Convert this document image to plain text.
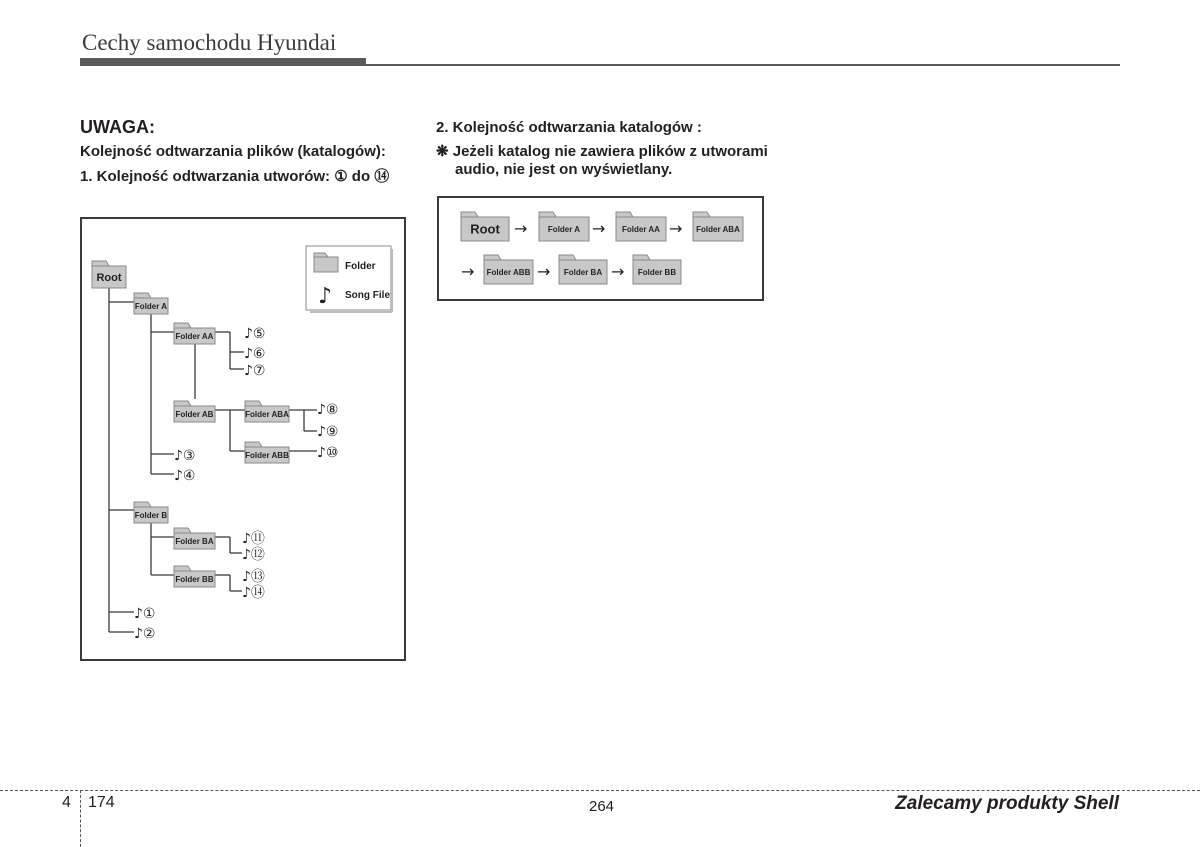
Cechy samochodu Hyundai
UWAGA:
Kolejność odtwarzania plików (katalogów):
1. Kolejność odtwarzania utworów: ① do ⑭
2. Kolejność odtwarzania katalogów :
❋ Jeżeli katalog nie zawiera plików z utworami
audio, nie jest on wyświetlany.
Folder
♪ Song File
Root
Folder A
Folder AA
Folder AB	Folder ABA
Folder ABB
Folder B
Folder BA
Folder BB
♪⑤
♪⑥
♪⑦
♪⑧
♪⑨
♪⑩
♪③
♪④
♪⑪
♪⑫
♪⑬
♪⑭
♪①
♪②
Root →	Folder A → Folder AA → Folder ABA
→ Folder ABB → Folder BA → Folder BB
4 174	264	Zalecamy produkty Shell
